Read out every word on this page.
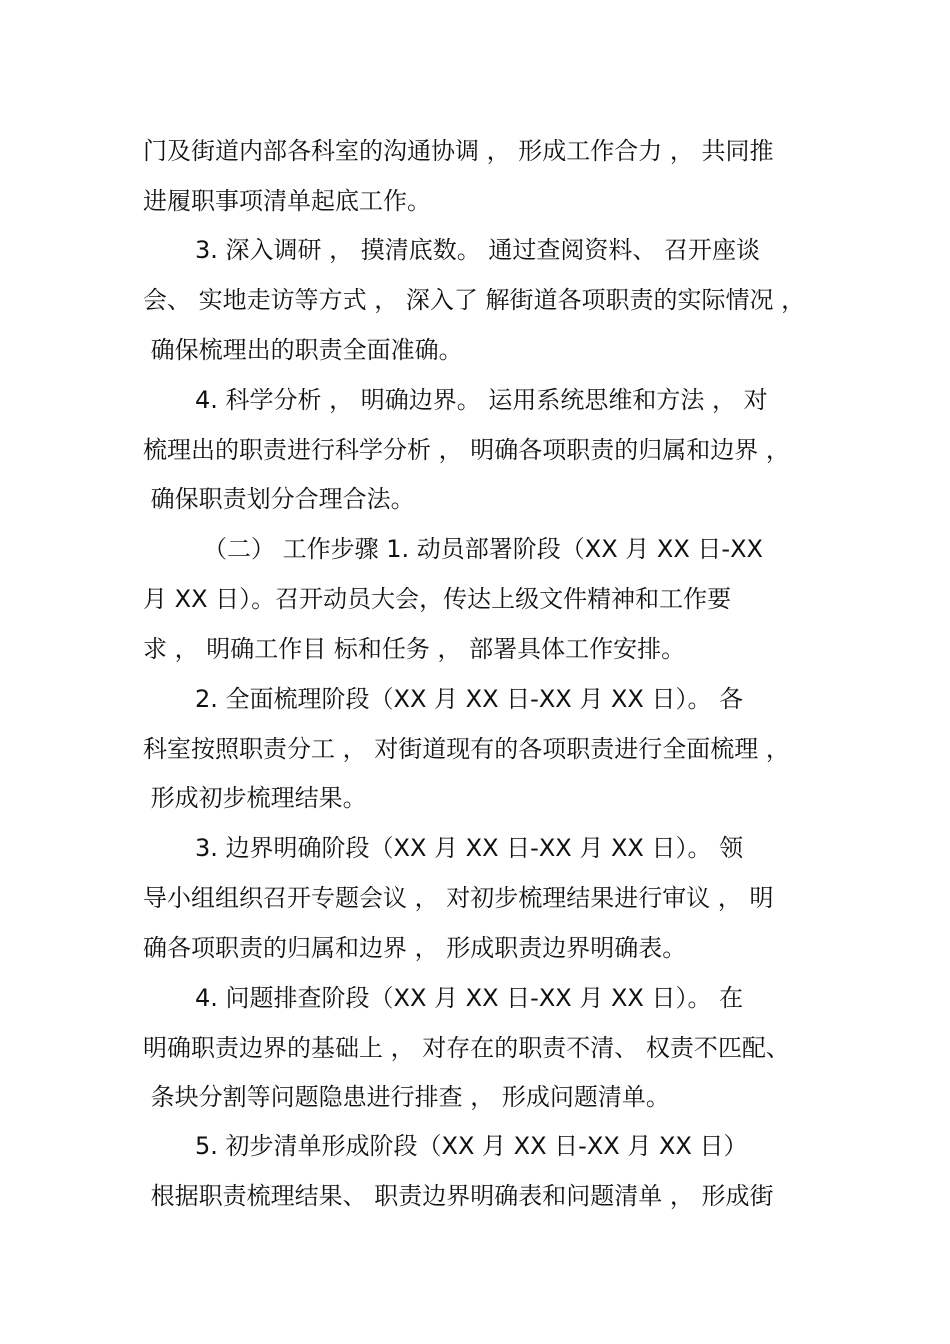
门及街道内部各科室的沟通协调 ， 形成工作合力 ， 共同推
进履职事项清单起底工作。
3. 深入调研 ， 摸清底数。 通过查阅资料、 召开座谈
会、 实地走访等方式 ， 深入了 解街道各项职责的实际情况 ，
确保梳理出的职责全面准确。
4. 科学分析 ， 明确边界。 运用系统思维和方法 ， 对
梳理出的职责进行科学分析 ， 明确各项职责的归属和边界 ，
确保职责划分合理合法。
（二） 工作步骤 1. 动员部署阶段（XX 月 XX 日-XX
月 XX 日）。召开动员大会，传达上级文件精神和工作要
求 ， 明确工作目 标和任务 ， 部署具体工作安排。
2. 全面梳理阶段（XX 月 XX 日-XX 月 XX 日）。 各
科室按照职责分工 ， 对街道现有的各项职责进行全面梳理 ，
形成初步梳理结果。
3. 边界明确阶段（XX 月 XX 日-XX 月 XX 日）。 领
导小组组织召开专题会议 ， 对初步梳理结果进行审议 ， 明
确各项职责的归属和边界 ， 形成职责边界明确表。
4. 问题排查阶段（XX 月 XX 日-XX 月 XX 日）。 在
明确职责边界的基础上 ， 对存在的职责不清、 权责不匹配、
条块分割等问题隐患进行排查 ， 形成问题清单。
5. 初步清单形成阶段（XX 月 XX 日-XX 月 XX 日）
根据职责梳理结果、 职责边界明确表和问题清单 ， 形成街
